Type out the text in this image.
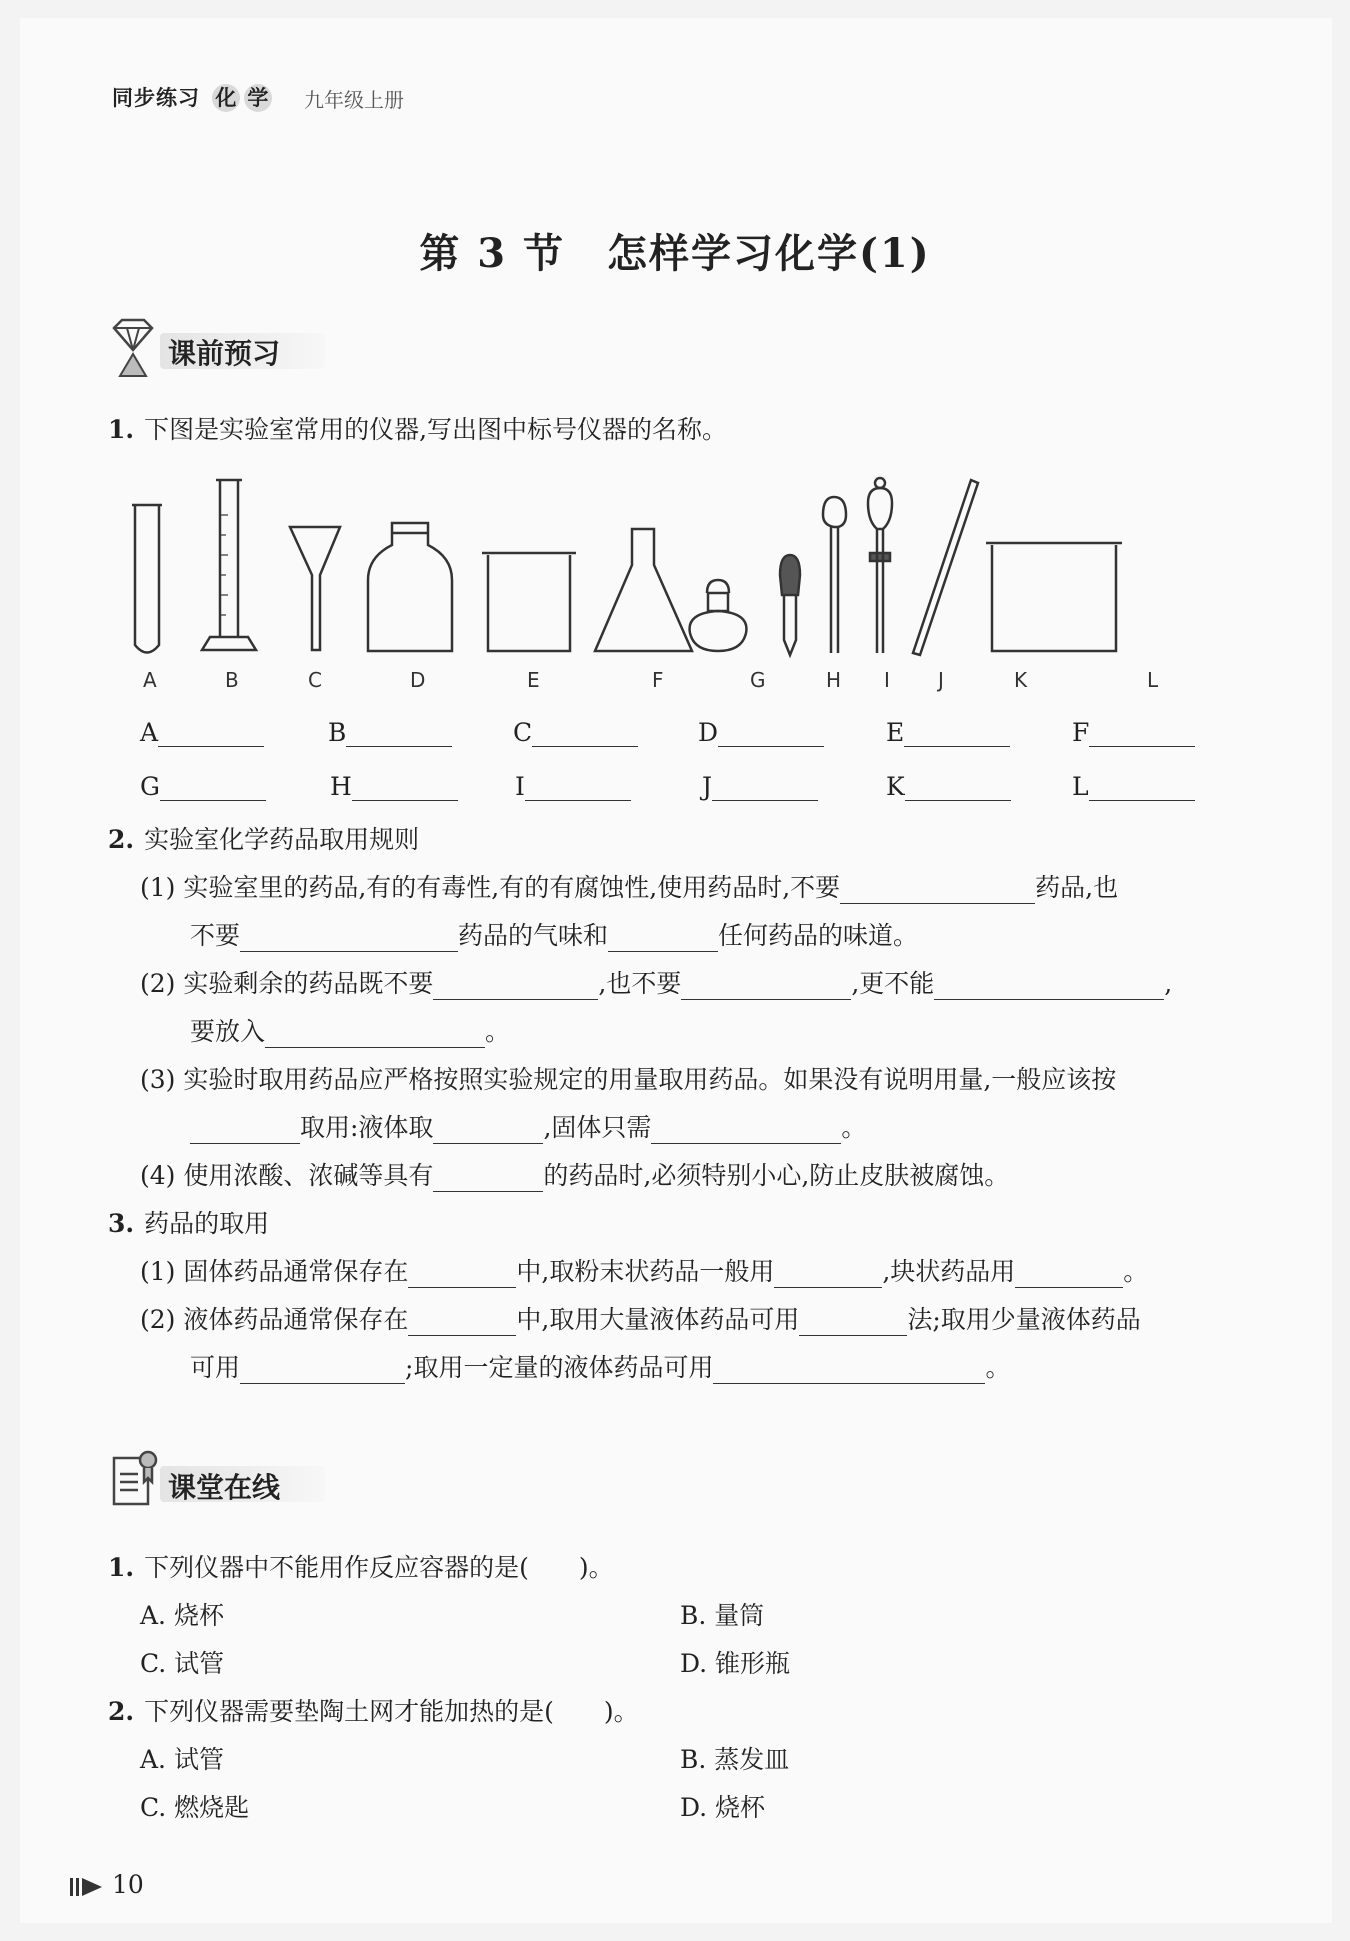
同步练习 化 学	九年级上册
第 3 节　怎样学习化学(1)
课前预习
1. 下图是实验室常用的仪器,写出图中标号仪器的名称。
A	B	C	D	E	F	G	H I J	K	L
A	B	C	D	E	F
G	H	I	J	K	L
2. 实验室化学药品取用规则
(1) 实验室里的药品,有的有毒性,有的有腐蚀性,使用药品时,不要	药品,也
不要	药品的气味和	任何药品的味道。
(2) 实验剩余的药品既不要	,也不要	,更不能	,
要放入	。
(3) 实验时取用药品应严格按照实验规定的用量取用药品。如果没有说明用量,一般应该按
取用:液体取	,固体只需	。
(4) 使用浓酸、浓碱等具有	的药品时,必须特别小心,防止皮肤被腐蚀。
3. 药品的取用
(1) 固体药品通常保存在	中,取粉末状药品一般用	,块状药品用	。
(2) 液体药品通常保存在	中,取用大量液体药品可用	法;取用少量液体药品
可用	;取用一定量的液体药品可用	。
课堂在线
1. 下列仪器中不能用作反应容器的是(　　)。
A. 烧杯	B. 量筒
C. 试管	D. 锥形瓶
2. 下列仪器需要垫陶土网才能加热的是(　　)。
A. 试管	B. 蒸发皿
C. 燃烧匙	D. 烧杯
10
